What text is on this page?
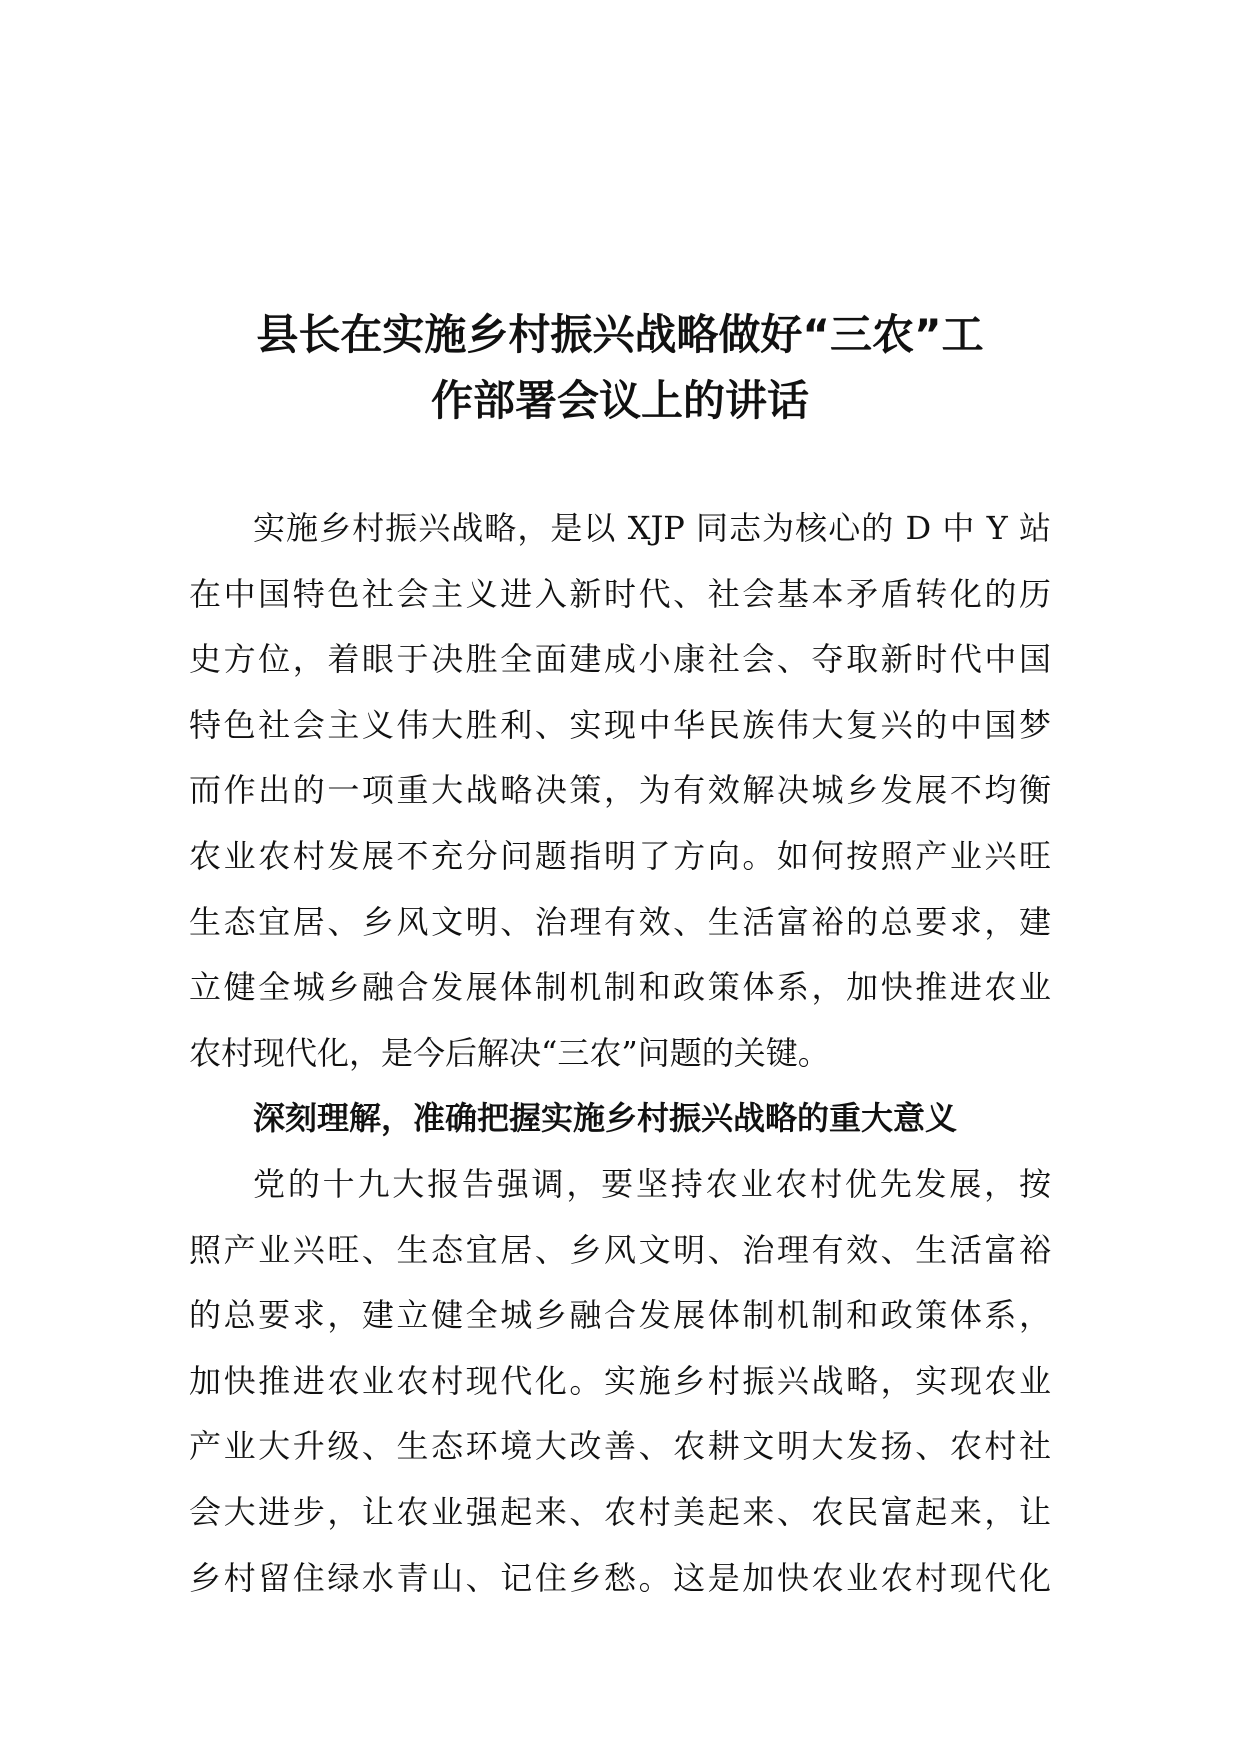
县长在实施乡村振兴战略做好“三农”工
作部署会议上的讲话

实施乡村振兴战略，是以 XJP 同志为核心的 D 中 Y 站
在中国特色社会主义进入新时代、社会基本矛盾转化的历
史方位，着眼于决胜全面建成小康社会、夺取新时代中国
特色社会主义伟大胜利、实现中华民族伟大复兴的中国梦
而作出的一项重大战略决策，为有效解决城乡发展不均衡
农业农村发展不充分问题指明了方向。如何按照产业兴旺
生态宜居、乡风文明、治理有效、生活富裕的总要求，建
立健全城乡融合发展体制机制和政策体系，加快推进农业
农村现代化，是今后解决“三农”问题的关键。

深刻理解，准确把握实施乡村振兴战略的重大意义

党的十九大报告强调，要坚持农业农村优先发展，按
照产业兴旺、生态宜居、乡风文明、治理有效、生活富裕
的总要求，建立健全城乡融合发展体制机制和政策体系，
加快推进农业农村现代化。实施乡村振兴战略，实现农业
产业大升级、生态环境大改善、农耕文明大发扬、农村社
会大进步，让农业强起来、农村美起来、农民富起来，让
乡村留住绿水青山、记住乡愁。这是加快农业农村现代化
